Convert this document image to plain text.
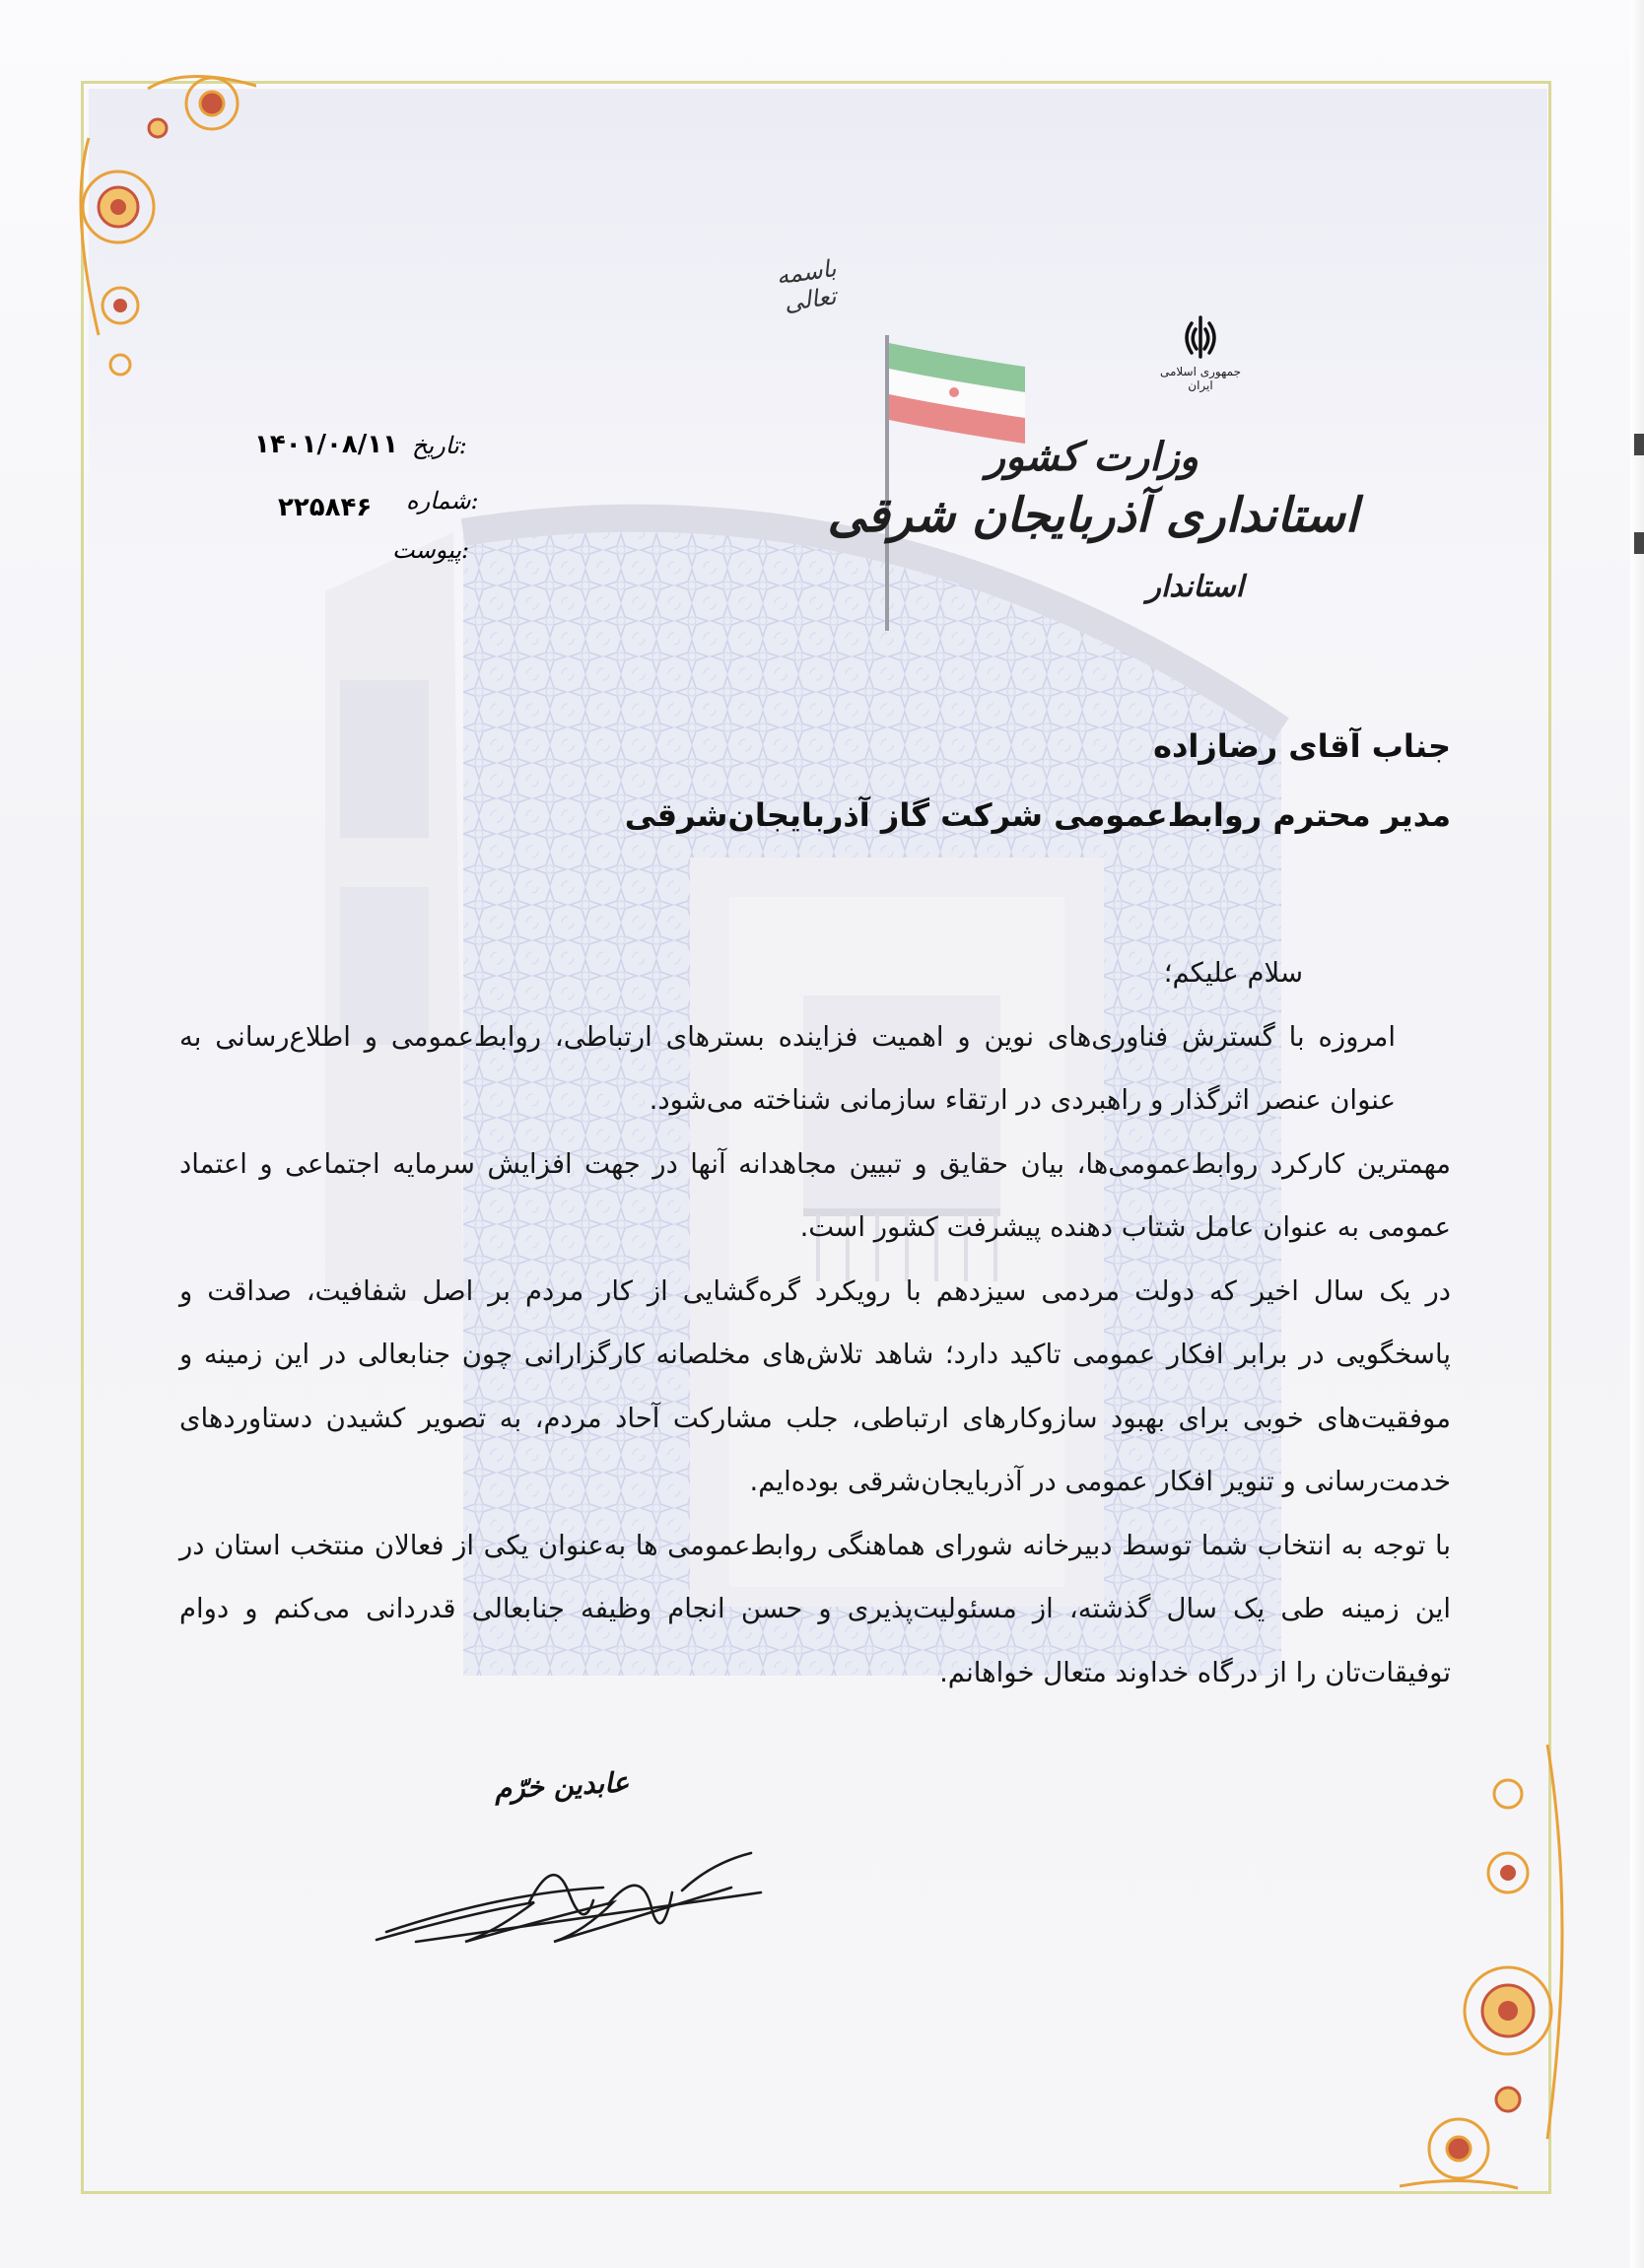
باسمه تعالی
جمهوری اسلامی ایران
وزارت کشور
استانداری آذربایجان شرقی
استاندار
تاریخ:
۱۴۰۱/۰۸/۱۱
شماره:
۲۲۵۸۴۶
پیوست:
جناب آقای رضازاده
مدیر محترم روابط‌عمومی شرکت گاز آذربایجان‌شرقی

سلام علیکم؛

امروزه با گسترش فناوری‌های نوین و اهمیت فزاینده بسترهای ارتباطی، روابط‌عمومی و اطلاع‌رسانی به عنوان عنصر اثرگذار و راهبردی در ارتقاء سازمانی شناخته می‌شود.

مهمترین کارکرد روابط‌عمومی‌ها، بیان حقایق و تبیین مجاهدانه آنها در جهت افزایش سرمایه اجتماعی و اعتماد عمومی به عنوان عامل شتاب دهنده پیشرفت کشور است.

در یک سال اخیر که دولت مردمی سیزدهم با رویکرد گره‌گشایی از کار مردم بر اصل شفافیت، صداقت و پاسخگویی در برابر افکار عمومی تاکید دارد؛ شاهد تلاش‌های مخلصانه کارگزارانی چون جنابعالی در این زمینه و موفقیت‌های خوبی برای بهبود سازوکارهای ارتباطی، جلب مشارکت آحاد مردم، به تصویر کشیدن دستاوردهای خدمت‌رسانی و تنویر افکار عمومی در آذربایجان‌شرقی بوده‌ایم.

با توجه به انتخاب شما توسط دبیرخانه شورای هماهنگی روابط‌عمومی ها به‌عنوان یکی از فعالان منتخب استان در این زمینه طی یک سال گذشته، از مسئولیت‌پذیری و حسن انجام وظیفه جنابعالی قدردانی می‌کنم و دوام توفیقات‌تان را از درگاه خداوند متعال خواهانم.

عابدین خرّم
